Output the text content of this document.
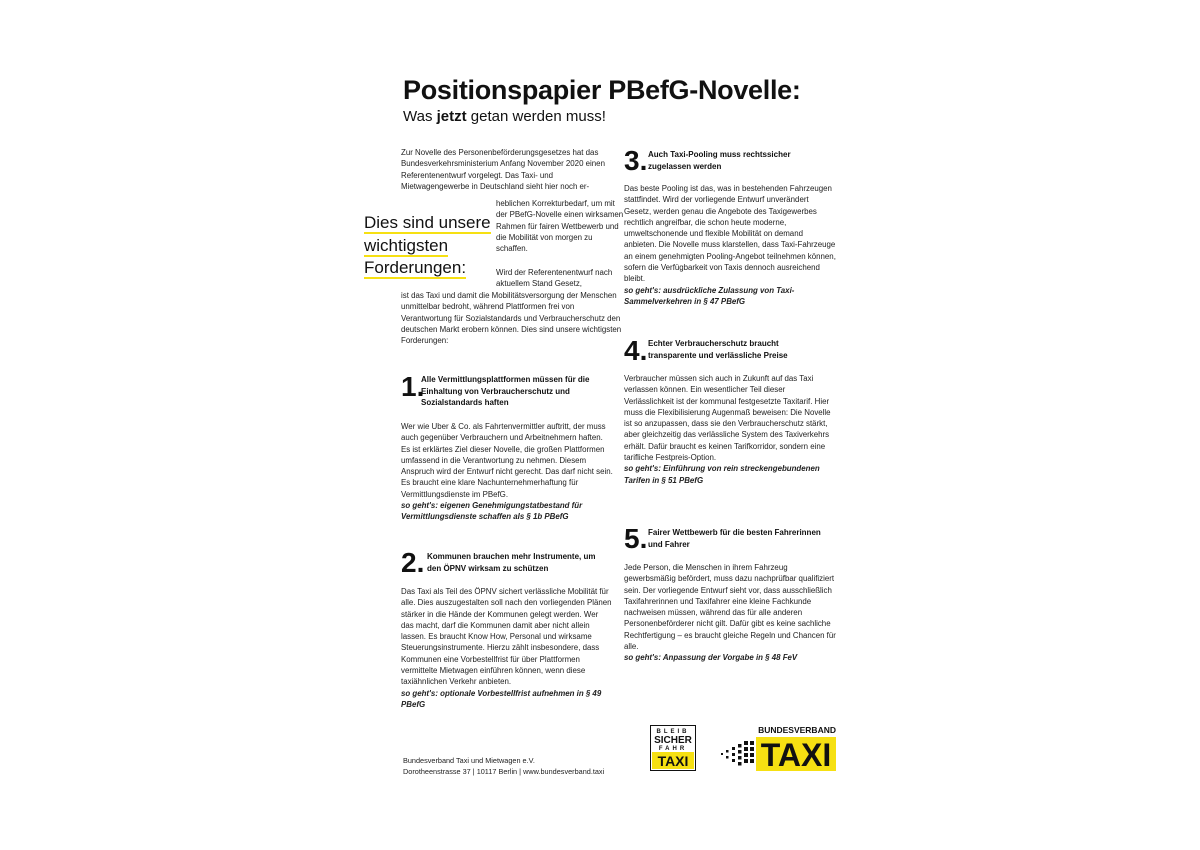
Positionspapier PBefG-Novelle:
Was jetzt getan werden muss!
Zur Novelle des Personenbeförderungsgesetzes hat das Bundesverkehrsministerium Anfang November 2020 einen Referentenentwurf vorgelegt. Das Taxi- und Mietwagengewerbe in Deutschland sieht hier noch er-
heblichen Korrekturbedarf, um mit der PBefG-Novelle einen wirksamen Rahmen für fairen Wettbewerb und die Mobilität von morgen zu schaffen.
Wird der Referentenentwurf nach aktuellem Stand Gesetz,
ist das Taxi und damit die Mobilitätsversorgung der Menschen unmittelbar bedroht, während Plattformen frei von Verantwortung für Sozialstandards und Verbraucherschutz den deutschen Markt erobern können. Dies sind unsere wichtigsten Forderungen:
Dies sind unsere
wichtigsten
Forderungen:
1.
Alle Vermittlungsplattformen müssen für die Einhaltung von Verbraucherschutz und Sozialstandards haften
Wer wie Uber & Co. als Fahrtenvermittler auftritt, der muss auch gegenüber Verbrauchern und Arbeitnehmern haften. Es ist erklärtes Ziel dieser Novelle, die großen Plattformen umfassend in die Verantwortung zu nehmen. Diesem Anspruch wird der Entwurf nicht gerecht. Das darf nicht sein. Es braucht eine klare Nachunternehmerhaftung für Vermittlungsdienste im PBefG.
so geht's: eigenen Genehmigungstatbestand für Vermittlungsdienste schaffen als § 1b PBefG
2. Kommunen brauchen mehr Instrumente, um den ÖPNV wirksam zu schützen
Das Taxi als Teil des ÖPNV sichert verlässliche Mobilität für alle. Dies auszugestalten soll nach den vorliegenden Plänen stärker in die Hände der Kommunen gelegt werden. Wer das macht, darf die Kommunen damit aber nicht allein lassen. Es braucht Know How, Personal und wirksame Steuerungsinstrumente. Hierzu zählt insbesondere, dass Kommunen eine Vorbestellfrist für über Plattformen vermittelte Mietwagen einführen können, wenn diese taxiähnlichen Verkehr anbieten.
so geht's: optionale Vorbestellfrist aufnehmen in § 49 PBefG
3. Auch Taxi-Pooling muss rechtssicher zugelassen werden
Das beste Pooling ist das, was in bestehenden Fahrzeugen stattfindet. Wird der vorliegende Entwurf unverändert Gesetz, werden genau die Angebote des Taxigewerbes rechtlich angreifbar, die schon heute moderne, umweltschonende und flexible Mobilität on demand anbieten. Die Novelle muss klarstellen, dass Taxi-Fahrzeuge an einem genehmigten Pooling-Angebot teilnehmen können, sofern die Verfügbarkeit von Taxis dennoch ausreichend bleibt.
so geht's: ausdrückliche Zulassung von Taxi-Sammelverkehren in § 47 PBefG
4. Echter Verbraucherschutz braucht transparente und verlässliche Preise
Verbraucher müssen sich auch in Zukunft auf das Taxi verlassen können. Ein wesentlicher Teil dieser Verlässlichkeit ist der kommunal festgesetzte Taxitarif. Hier muss die Flexibilisierung Augenmaß beweisen: Die Novelle ist so anzupassen, dass sie den Verbraucherschutz stärkt, aber gleichzeitig das verlässliche System des Taxiverkehrs erhält. Dafür braucht es keinen Tarifkorridor, sondern eine tarifliche Festpreis-Option.
so geht's: Einführung von rein streckengebundenen Tarifen in § 51 PBefG
5. Fairer Wettbewerb für die besten Fahrerinnen und Fahrer
Jede Person, die Menschen in ihrem Fahrzeug gewerbsmäßig befördert, muss dazu nachprüfbar qualifiziert sein. Der vorliegende Entwurf sieht vor, dass ausschließlich Taxifahrerinnen und Taxifahrer eine kleine Fachkunde nachweisen müssen, während das für alle anderen Personenbeförderer nicht gilt. Dafür gibt es keine sachliche Rechtfertigung – es braucht gleiche Regeln und Chancen für alle.
so geht's: Anpassung der Vorgabe in § 48 FeV
Bundesverband Taxi und Mietwagen e.V.
Dorotheenstrasse 37 | 10117 Berlin | www.bundesverband.taxi
BLEIB
SICHER
FAHR
TAXI
BUNDESVERBAND
TAXI
